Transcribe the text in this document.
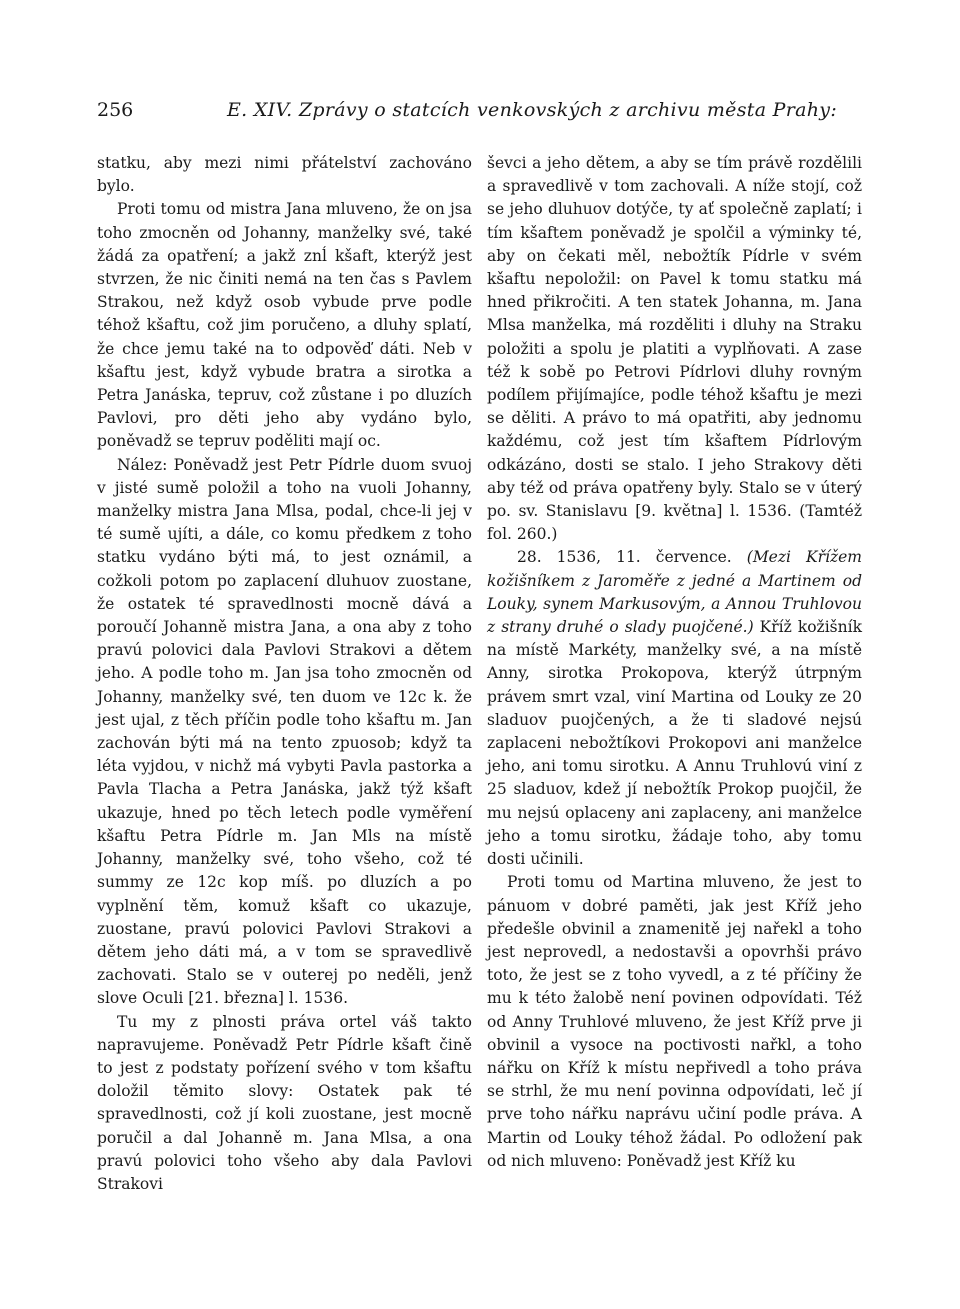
256	E. XIV. Zprávy o statcích venkovských z archivu města Prahy:

statku, aby mezi nimi přátelství zachováno bylo.

Proti tomu od mistra Jana mluveno, že on jsa toho zmocněn od Johanny, manželky své, také žádá za opatření; a jakž znĺ kšaft, kterýž jest stvrzen, že nic činiti nemá na ten čas s Pavlem Strakou, než když osob vybude prve podle téhož kšaftu, což jim poručeno, a dluhy splatí, že chce jemu také na to odpověď dáti. Neb v kšaftu jest, když vybude bratra a sirotka a Petra Janáska, tepruv, což zůstane i po dluzích Pavlovi, pro děti jeho aby vydáno bylo, poněvadž se tepruv poděliti mají oc.

Nález: Poněvadž jest Petr Pídrle duom svuoj v jisté sumě položil a toho na vuoli Johanny, manželky mistra Jana Mlsa, podal, chce-li jej v té sumě ujíti, a dále, co komu předkem z toho statku vydáno býti má, to jest oznámil, a cožkoli potom po zaplacení dluhuov zuostane, že ostatek té spravedlnosti mocně dává a poroučí Johanně mistra Jana, a ona aby z toho pravú polovici dala Pavlovi Strakovi a dětem jeho. A podle toho m. Jan jsa toho zmocněn od Johanny, manželky své, ten duom ve 12c k. že jest ujal, z těch příčin podle toho kšaftu m. Jan zachován býti má na tento zpuosob; když ta léta vyjdou, v nichž má vybyti Pavla pastorka a Pavla Tlacha a Petra Janáska, jakž týž kšaft ukazuje, hned po těch letech podle vyměření kšaftu Petra Pídrle m. Jan Mls na místě Johanny, manželky své, toho všeho, což té summy ze 12c kop míš. po dluzích a po vyplnění těm, komuž kšaft co ukazuje, zuostane, pravú polovici Pavlovi Strakovi a dětem jeho dáti má, a v tom se spravedlivě zachovati. Stalo se v outerej po neděli, jenž slove Oculi [21. března] l. 1536.

Tu my z plnosti práva ortel váš takto napravujeme. Poněvadž Petr Pídrle kšaft čině to jest z podstaty pořízení svého v tom kšaftu doložil těmito slovy: Ostatek pak té spravedlnosti, což jí koli zuostane, jest mocně poručil a dal Johanně m. Jana Mlsa, a ona pravú polovici toho všeho aby dala Pavlovi Strakovi

ševci a jeho dětem, a aby se tím právě rozdělili a spravedlivě v tom zachovali. A níže stojí, což se jeho dluhuov dotýče, ty ať společně zaplatí; i tím kšaftem poněvadž je spolčil a výminky té, aby on čekati měl, nebožtík Pídrle v svém kšaftu nepoložil: on Pavel k tomu statku má hned přikročiti. A ten statek Johanna, m. Jana Mlsa manželka, má rozděliti i dluhy na Straku položiti a spolu je platiti a vyplňovati. A zase též k sobě po Petrovi Pídrlovi dluhy rovným podílem přijímajíce, podle téhož kšaftu je mezi se děliti. A právo to má opatřiti, aby jednomu každému, což jest tím kšaftem Pídrlovým odkázáno, dosti se stalo. I jeho Strakovy děti aby též od práva opatřeny byly. Stalo se v úterý po. sv. Stanislavu [9. května] l. 1536. (Tamtéž fol. 260.)

28. 1536, 11. července. (Mezi Křížem kožišníkem z Jaroměře z jedné a Martinem od Louky, synem Markusovým, a Annou Truhlovou z strany druhé o slady puojčené.) Kříž kožišník na místě Markéty, manželky své, a na místě Anny, sirotka Prokopova, kterýž útrpným právem smrt vzal, viní Martina od Louky ze 20 sladuov puojčených, a že ti sladové nejsú zaplaceni nebožtíkovi Prokopovi ani manželce jeho, ani tomu sirotku. A Annu Truhlovú viní z 25 sladuov, kdež jí nebožtík Prokop puojčil, že mu nejsú oplaceny ani zaplaceny, ani manželce jeho a tomu sirotku, žádaje toho, aby tomu dosti učinili.

Proti tomu od Martina mluveno, že jest to pánuom v dobré paměti, jak jest Kříž jeho předešle obvinil a znamenitě jej nařekl a toho jest neprovedl, a nedostavši a opovrhši právo toto, že jest se z toho vyvedl, a z té příčiny že mu k této žalobě není povinen odpovídati. Též od Anny Truhlové mluveno, že jest Kříž prve ji obvinil a vysoce na poctivosti nařkl, a toho nářku on Kříž k místu nepřivedl a toho práva se strhl, že mu není povinna odpovídati, leč jí prve toho nářku naprávu učiní podle práva. A Martin od Louky téhož žádal. Po odložení pak od nich mluveno: Poněvadž jest Kříž ku
